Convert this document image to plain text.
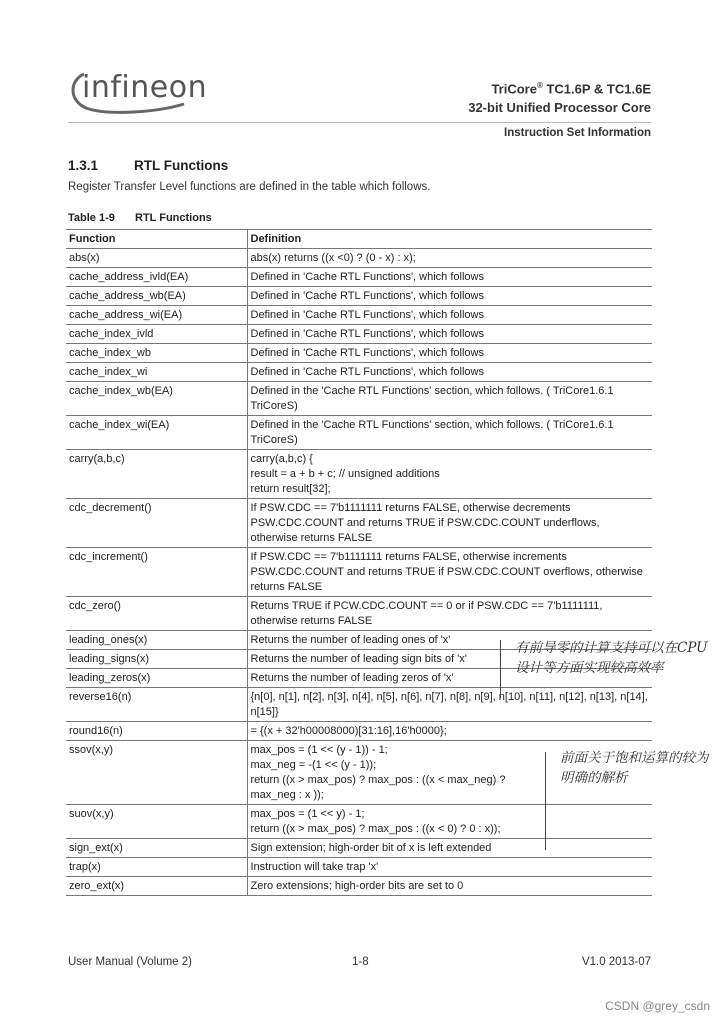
infineon	TriCore® TC1.6P & TC1.6E
32-bit Unified Processor Core
Instruction Set Information
1.3.1	RTL Functions
Register Transfer Level functions are defined in the table which follows.
Table 1-9 RTL Functions
Function	Definition
abs(x)	abs(x) returns ((x <0) ? (0 - x) : x);
cache_address_ivld(EA)	Defined in 'Cache RTL Functions', which follows
cache_address_wb(EA)	Defined in 'Cache RTL Functions', which follows
cache_address_wi(EA)	Defined in 'Cache RTL Functions', which follows
cache_index_ivld	Defined in 'Cache RTL Functions', which follows
cache_index_wb	Defined in 'Cache RTL Functions', which follows
cache_index_wi	Defined in 'Cache RTL Functions', which follows
cache_index_wb(EA)	Defined in the 'Cache RTL Functions' section, which follows. ( TriCore1.6.1 TriCoreS)
cache_index_wi(EA)	Defined in the 'Cache RTL Functions' section, which follows. ( TriCore1.6.1 TriCoreS)
carry(a,b,c)	carry(a,b,c) {
result = a + b + c; // unsigned additions
return result[32];
cdc_decrement()	If PSW.CDC == 7'b1111111 returns FALSE, otherwise decrements PSW.CDC.COUNT and returns TRUE if PSW.CDC.COUNT underflows, otherwise returns FALSE
cdc_increment()	If PSW.CDC == 7'b1111111 returns FALSE, otherwise increments PSW.CDC.COUNT and returns TRUE if PSW.CDC.COUNT overflows, otherwise returns FALSE
cdc_zero()	Returns TRUE if PCW.CDC.COUNT == 0 or if PSW.CDC == 7'b1111111, otherwise returns FALSE
leading_ones(x)	Returns the number of leading ones of 'x'
leading_signs(x)	Returns the number of leading sign bits of 'x'
leading_zeros(x)	Returns the number of leading zeros of 'x'
reverse16(n)	{n[0], n[1], n[2], n[3], n[4], n[5], n[6], n[7], n[8], n[9], n[10], n[11], n[12], n[13], n[14], n[15]}
round16(n)	= {(x + 32'h00008000)[31:16],16'h0000};
ssov(x,y)	max_pos = (1 << (y - 1)) - 1;
max_neg = -(1 << (y - 1));
return ((x > max_pos) ? max_pos : ((x < max_neg) ?
max_neg : x ));
suov(x,y)	max_pos = (1 << y) - 1;
return ((x > max_pos) ? max_pos : ((x < 0) ? 0 : x));
sign_ext(x)	Sign extension; high-order bit of x is left extended
trap(x)	Instruction will take trap 'x'
zero_ext(x)	Zero extensions; high-order bits are set to 0
有前导零的计算支持可以在CPU设计等方面实现较高效率
前面关于饱和运算的较为明确的解析
User Manual (Volume 2)	1-8	V1.0 2013-07
CSDN @grey_csdn
